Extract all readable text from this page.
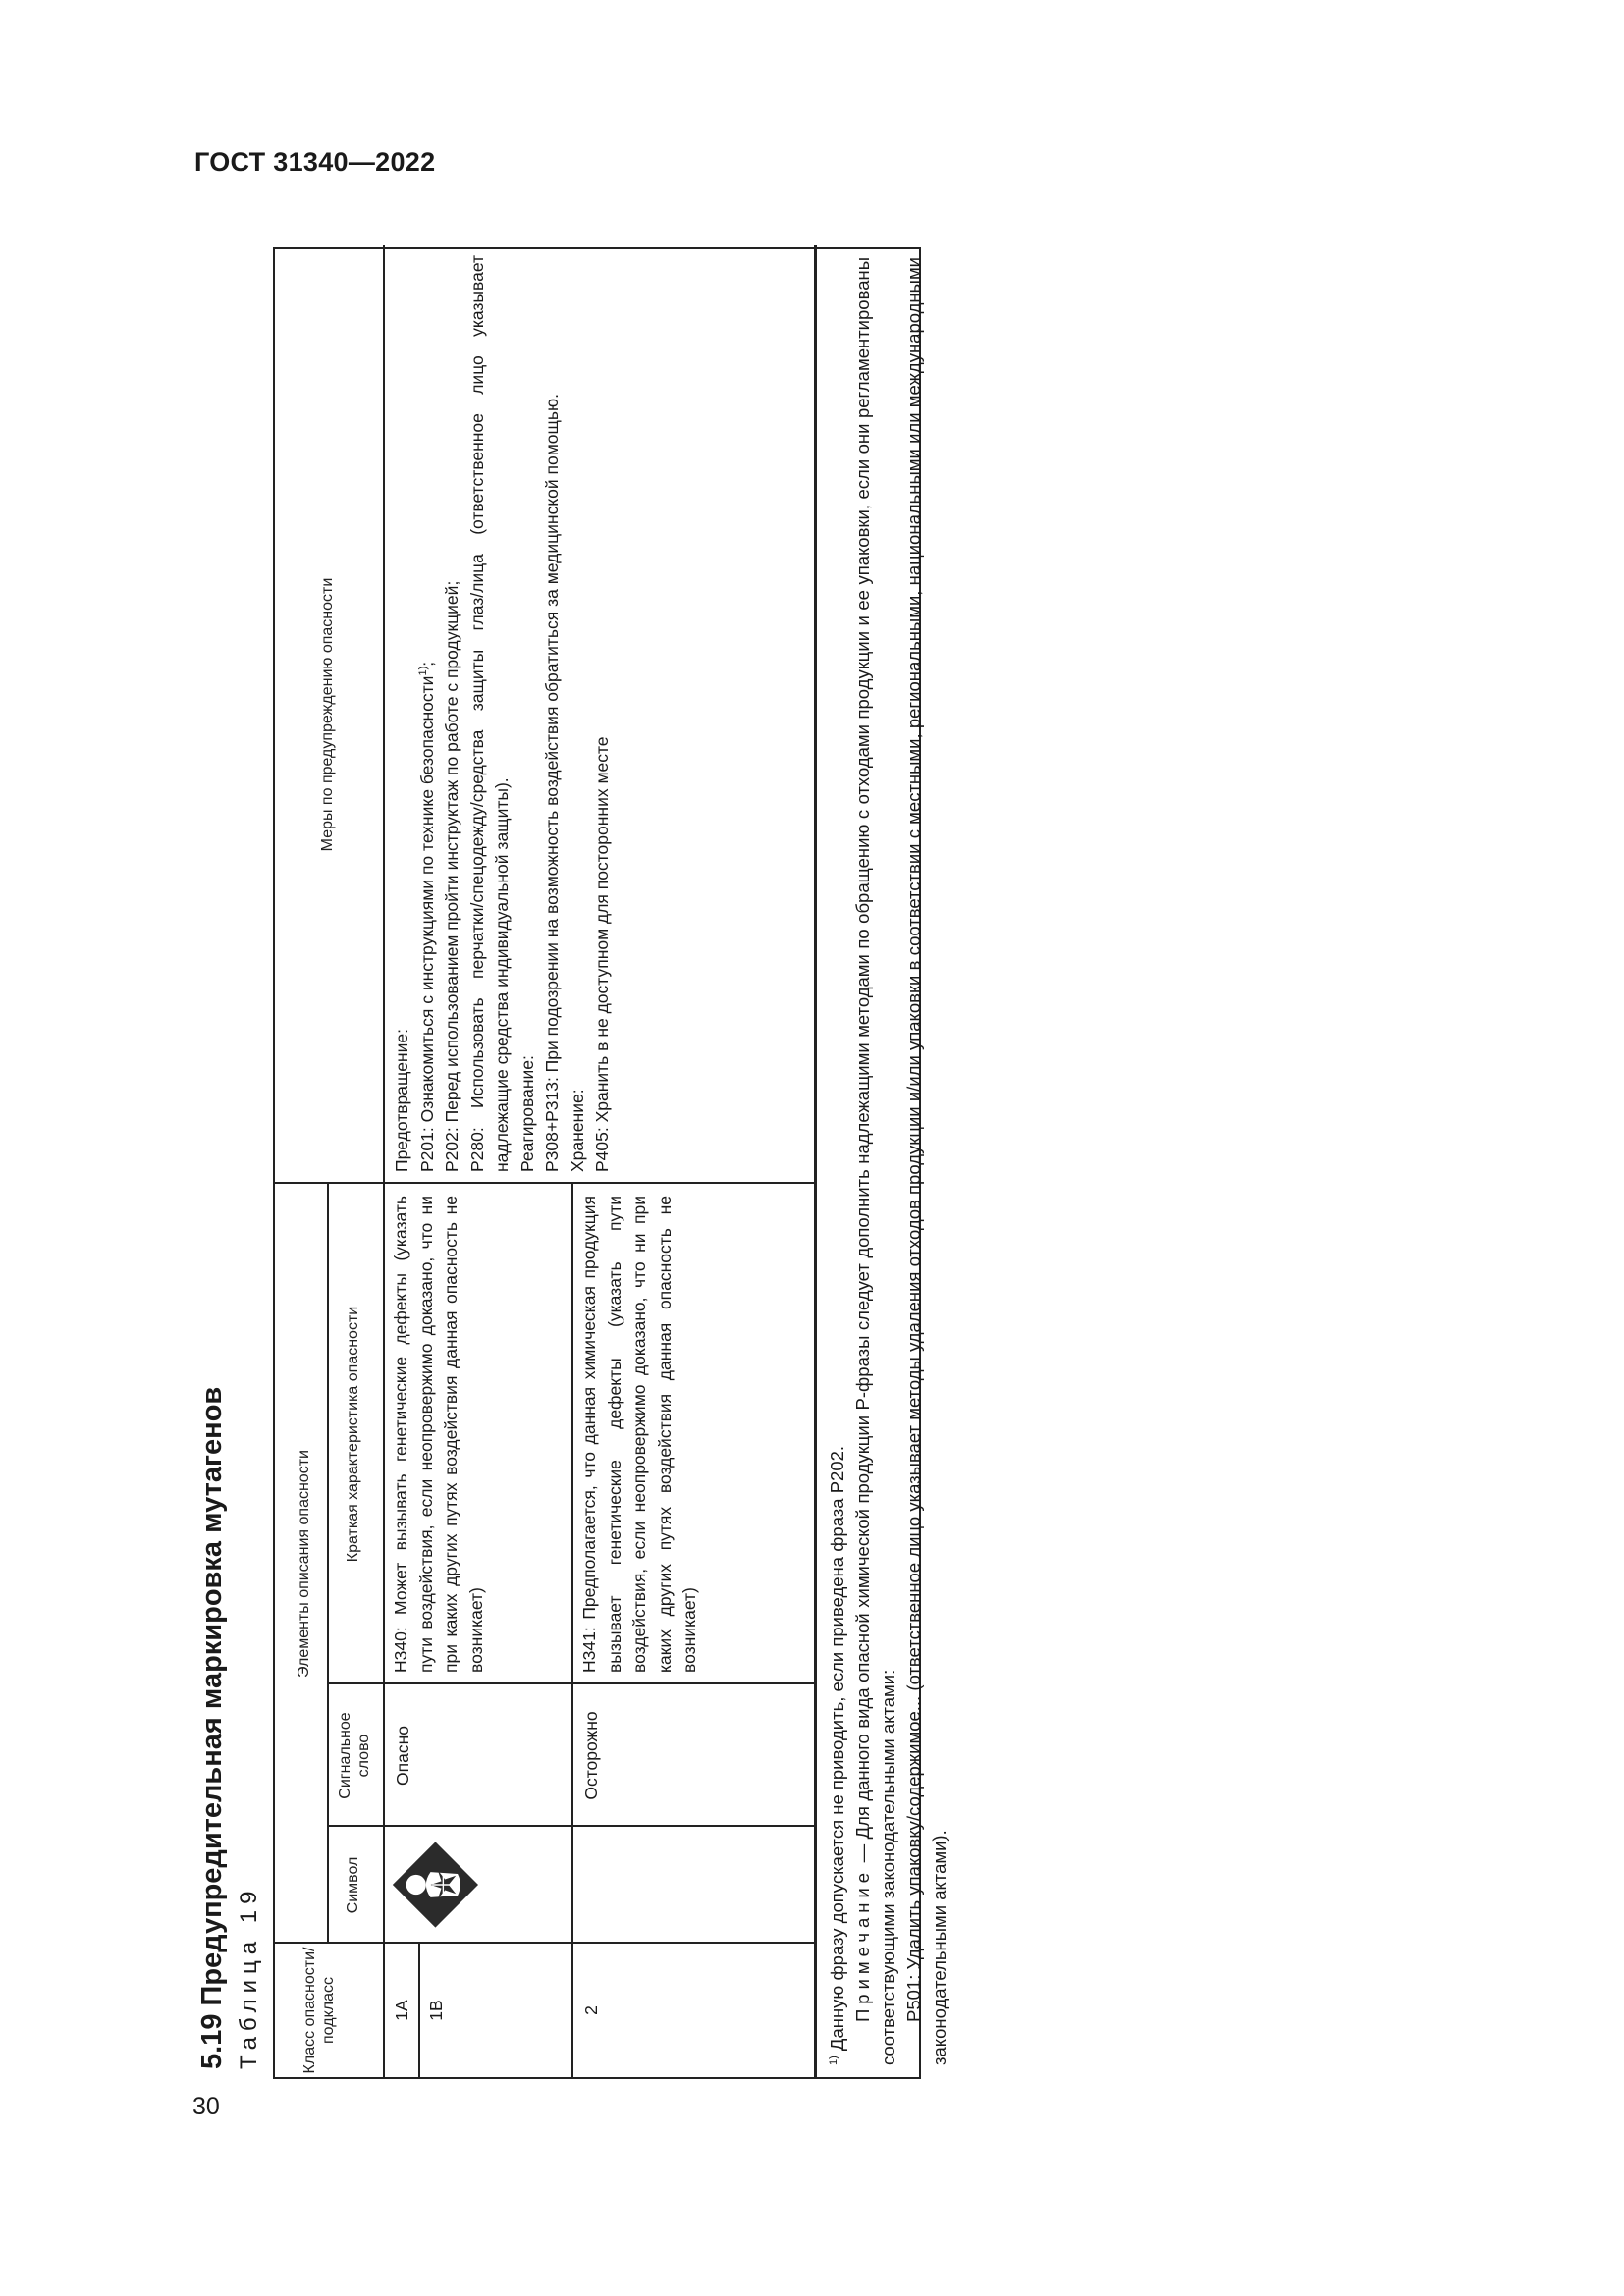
ГОСТ 31340—2022
30
5.19 Предупредительная маркировка мутагенов Таблица 19	Класс опасности/ подкласс
Элементы описания опасности
Символ
Сигнальное слово
Краткая характеристика опасности
Меры по предупреждению опасности
1А 1В
Опасно
Н340: Может вызывать генетические дефекты (указать пути воздействия, если неопровержимо доказано, что ни при каких других путях воздействия данная опасность не возникает)
2
Осторожно
Н341: Предполагается, что данная химическая продукция вызывает генетические дефекты (указать пути воздействия, если неопровержимо доказано, что ни при каких других путях воздействия данная опасность не возникает)
Предотвращение: Р201: Ознакомиться с инструкциями по технике безопасности$^{1)}$; Р202: Перед использованием пройти инструктаж по работе с продукцией; Р280: Использовать перчатки/спецодежду/средства защиты глаз/лица (ответственное лицо указывает надлежащие средства индивидуальной защиты). Реагирование: Р308+Р313: При подозрении на возможность воздействия обратиться за медицинской помощью. Хранение: Р405: Хранить в не доступном для посторонних месте
$^{1)}$ Данную фразу допускается не приводить, если приведена фраза Р202. Примечание — Для данного вида опасной химической продукции Р-фразы следует дополнить надлежащими методами по обращению с отходами продукции и ее упаковки, если они регламентированы соответствующими законодательными актами: Р501: Удалить упаковку/содержимое... (ответственное лицо указывает методы удаления отходов продукции и/или упаковки в соответствии с местными, региональными, национальными или международными законодательными актами).
